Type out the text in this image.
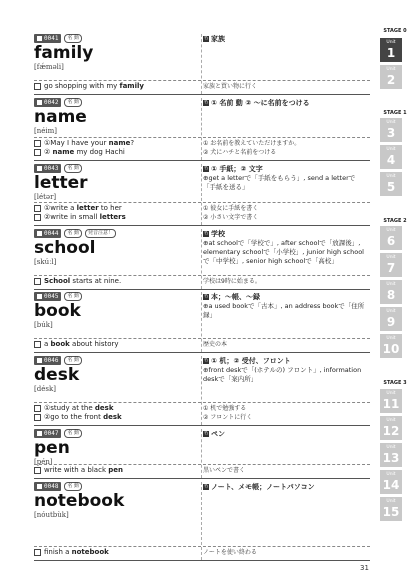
0041	名 動
family
[fǽməli]
名 家族
go shopping with my family	家族と買い物に行く
0042	名 動
name
[néim]
名 ① 名前 動 ② ～に名前をつける
①May I have your name?	① お名前を教えていただけますか。
② name my dog Hachi	② 犬にハチと名前をつける
0043	名 動
letter
[létər]
名 ① 手紙；② 文字
⊕get a letterで「手紙をもらう」, send a letterで「手紙を送る」
①write a letter to her	① 彼女に手紙を書く
②write in small letters	② 小さい文字で書く
0044	名 動	発音注意！
school
[skúːl]
名 学校
⊕at schoolで「学校で」, after schoolで「放課後」, elementary schoolで「小学校」, junior high schoolで「中学校」, senior high schoolで「高校」
School starts at nine.	学校は9時に始まる。
0045	名 動
book
[búk]
名 本；～帳、～録
⊕a used bookで「古本」, an address bookで「住所録」
a book about history	歴史の本
0046	名 動
desk
[désk]
名 ① 机；② 受付、フロント
⊕front deskで「(ホテルの) フロント」, information deskで「案内所」
①study at the desk	① 机で勉強する
②go to the front desk	② フロントに行く
0047	名 動
pen
[pén]
名 ペン
write with a black pen	黒いペンで書く
0048	名 動
notebook
[nóutbùk]
名 ノート、メモ帳；ノートパソコン
finish a notebook	ノートを使い終わる
STAGE 0
STAGE 1
STAGE 2
STAGE 3
Unit
1
Unit
2
Unit
3
Unit
4
Unit
5
Unit
6
Unit
7
Unit
8
Unit
9
Unit
10
Unit
11
Unit
12
Unit
13
Unit
14
Unit
15
31
